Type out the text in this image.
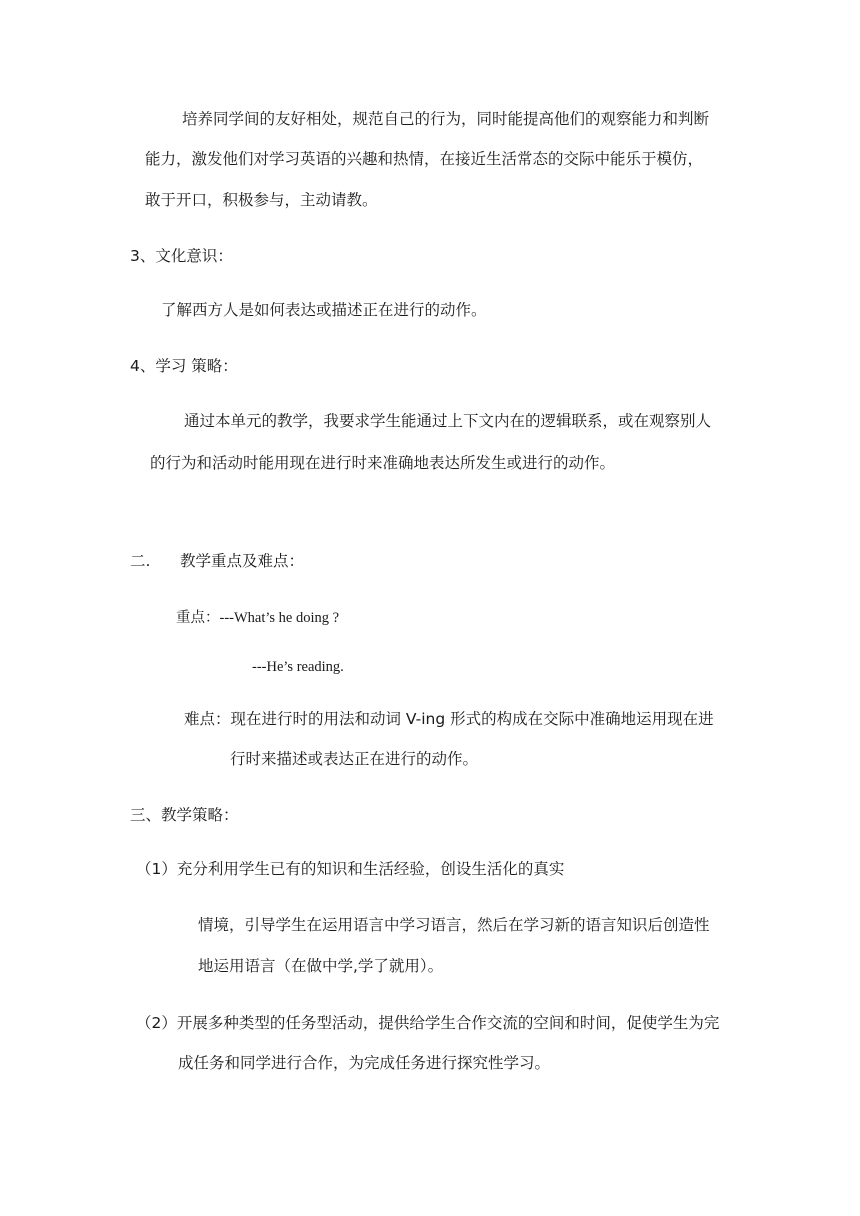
培养同学间的友好相处，规范自己的行为，同时能提高他们的观察能力和判断
能力，激发他们对学习英语的兴趣和热情，在接近生活常态的交际中能乐于模仿，
敢于开口，积极参与，主动请教。
3、文化意识：
了解西方人是如何表达或描述正在进行的动作。
4、学习 策略：
通过本单元的教学，我要求学生能通过上下文内在的逻辑联系，或在观察别人
的行为和活动时能用现在进行时来准确地表达所发生或进行的动作。
二.      教学重点及难点：
重点：---What’s he doing ?
---He’s reading.
难点：现在进行时的用法和动词 V-ing 形式的构成在交际中准确地运用现在进
行时来描述或表达正在进行的动作。
三、教学策略：
（1）充分利用学生已有的知识和生活经验，创设生活化的真实
情境，引导学生在运用语言中学习语言，然后在学习新的语言知识后创造性
地运用语言（在做中学,学了就用）。
（2）开展多种类型的任务型活动，提供给学生合作交流的空间和时间，促使学生为完
成任务和同学进行合作，为完成任务进行探究性学习。
